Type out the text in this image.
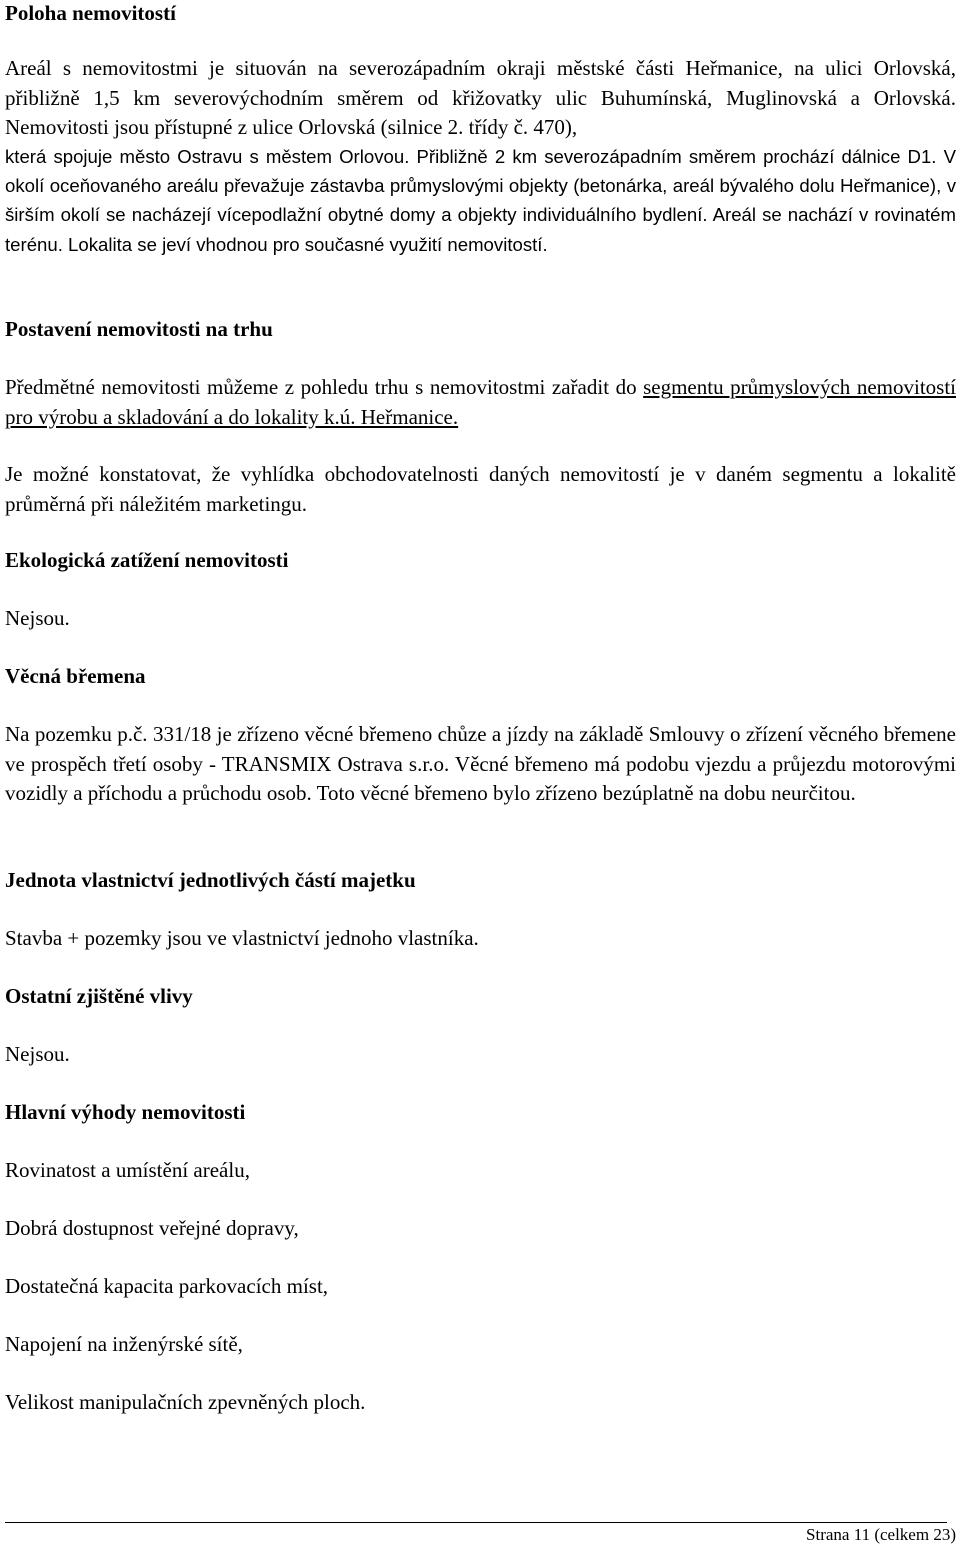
Poloha nemovitostí

Areál s nemovitostmi je situován na severozápadním okraji městské části Heřmanice, na ulici Orlovská, přibližně 1,5 km severovýchodním směrem od křižovatky ulic Buhumínská, Muglinovská a Orlovská. Nemovitosti jsou přístupné z ulice Orlovská (silnice 2. třídy č. 470),

která spojuje město Ostravu s městem Orlovou. Přibližně 2 km severozápadním směrem prochází dálnice D1. V okolí oceňovaného areálu převažuje zástavba průmyslovými objekty (betonárka, areál bývalého dolu Heřmanice), v širším okolí se nacházejí vícepodlažní obytné domy a objekty individuálního bydlení. Areál se nachází v rovinatém terénu. Lokalita se jeví vhodnou pro současné využití nemovitostí.

Postavení nemovitosti na trhu

Předmětné nemovitosti můžeme z pohledu trhu s nemovitostmi zařadit do segmentu průmyslových nemovitostí pro výrobu a skladování a do lokality k.ú. Heřmanice.

Je možné konstatovat, že vyhlídka obchodovatelnosti daných nemovitostí je v daném segmentu a lokalitě průměrná při náležitém marketingu.

Ekologická zatížení nemovitosti

Nejsou.

Věcná břemena

Na pozemku p.č. 331/18 je zřízeno věcné břemeno chůze a jízdy na základě Smlouvy o zřízení věcného břemene ve prospěch třetí osoby - TRANSMIX Ostrava s.r.o. Věcné břemeno má podobu vjezdu a průjezdu motorovými vozidly a příchodu a průchodu osob. Toto věcné břemeno bylo zřízeno bezúplatně na dobu neurčitou.

Jednota vlastnictví jednotlivých částí majetku

Stavba + pozemky jsou ve vlastnictví jednoho vlastníka.

Ostatní zjištěné vlivy

Nejsou.

Hlavní výhody nemovitosti

Rovinatost a umístění areálu,

Dobrá dostupnost veřejné dopravy,

Dostatečná kapacita parkovacích míst,

Napojení na inženýrské sítě,

Velikost manipulačních zpevněných ploch.

Strana 11 (celkem 23)
